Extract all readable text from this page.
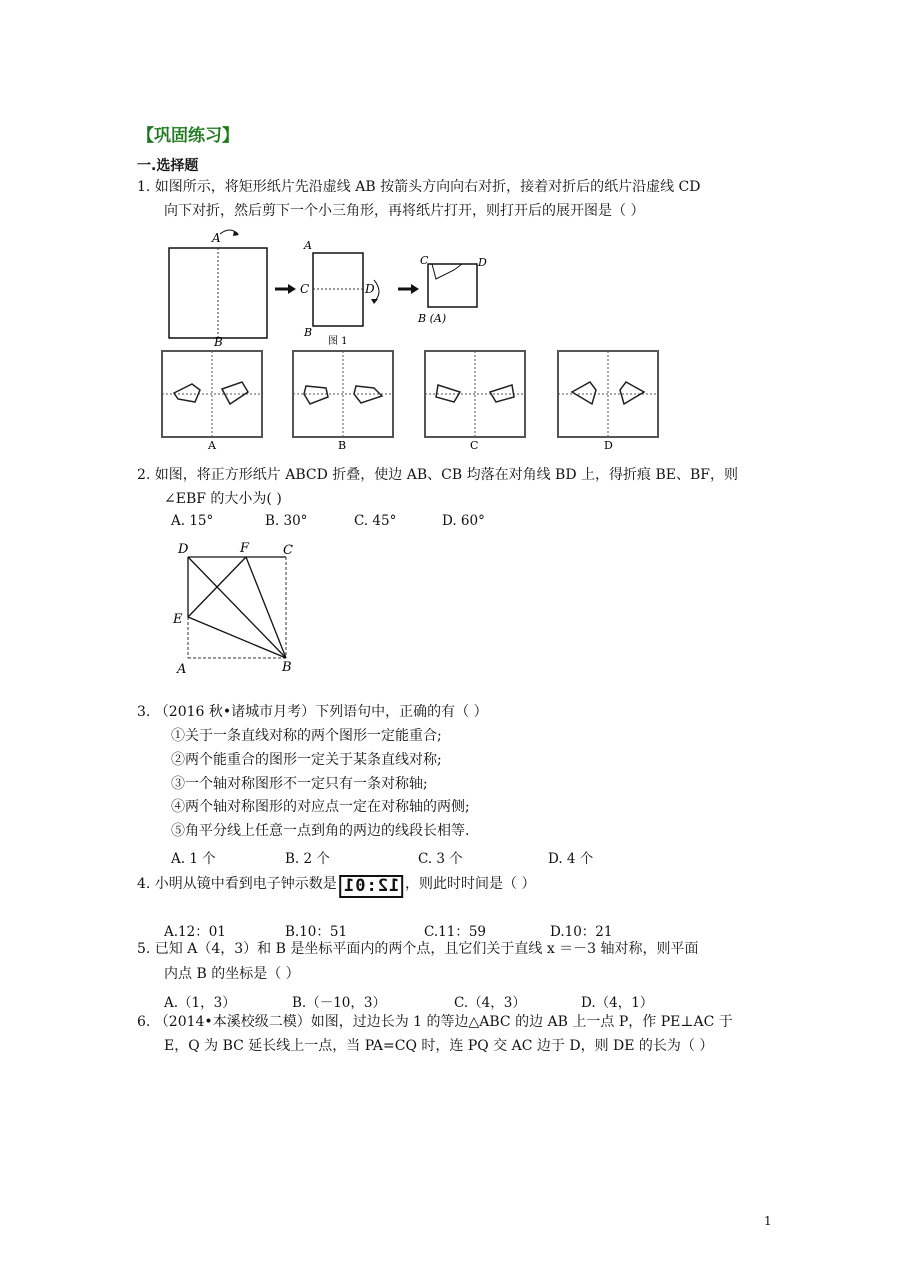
【巩固练习】
一.选择题
1. 如图所示，将矩形纸片先沿虚线 AB 按箭头方向向右对折，接着对折后的纸片沿虚线 CD
向下对折，然后剪下一个小三角形，再将纸片打开，则打开后的展开图是（ ）
A
B
A
C	D
B
图 1
C	D
B (A)
A	B	C	D
2. 如图，将正方形纸片 ABCD 折叠，使边 AB、CB 均落在对角线 BD 上，得折痕 BE、BF，则
∠EBF 的大小为( )
A. 15°	B. 30°	C. 45°	D. 60°
D	F	C
E
A	B
3. （2016 秋•诸城市月考）下列语句中，正确的有（ ）
①关于一条直线对称的两个图形一定能重合;
②两个能重合的图形一定关于某条直线对称;
③一个轴对称图形不一定只有一条对称轴;
④两个轴对称图形的对应点一定在对称轴的两侧;
⑤角平分线上任意一点到角的两边的线段长相等.
A. 1 个	B. 2 个	C. 3 个	D. 4 个
4. 小明从镜中看到电子钟示数是 12:01 ，则此时时间是（ ）
A.12：01	B.10：51	C.11：59	D.10：21
5. 已知 A（4，3）和 B 是坐标平面内的两个点，且它们关于直线 x ＝－3 轴对称，则平面
内点 B 的坐标是（ ）
A.（1，3）	B.（－10，3）	C.（4，3）	D.（4，1）
6. （2014•本溪校级二模）如图，过边长为 1 的等边△ABC 的边 AB 上一点 P，作 PE⊥AC 于
E，Q 为 BC 延长线上一点，当 PA=CQ 时，连 PQ 交 AC 边于 D，则 DE 的长为（ ）
1
